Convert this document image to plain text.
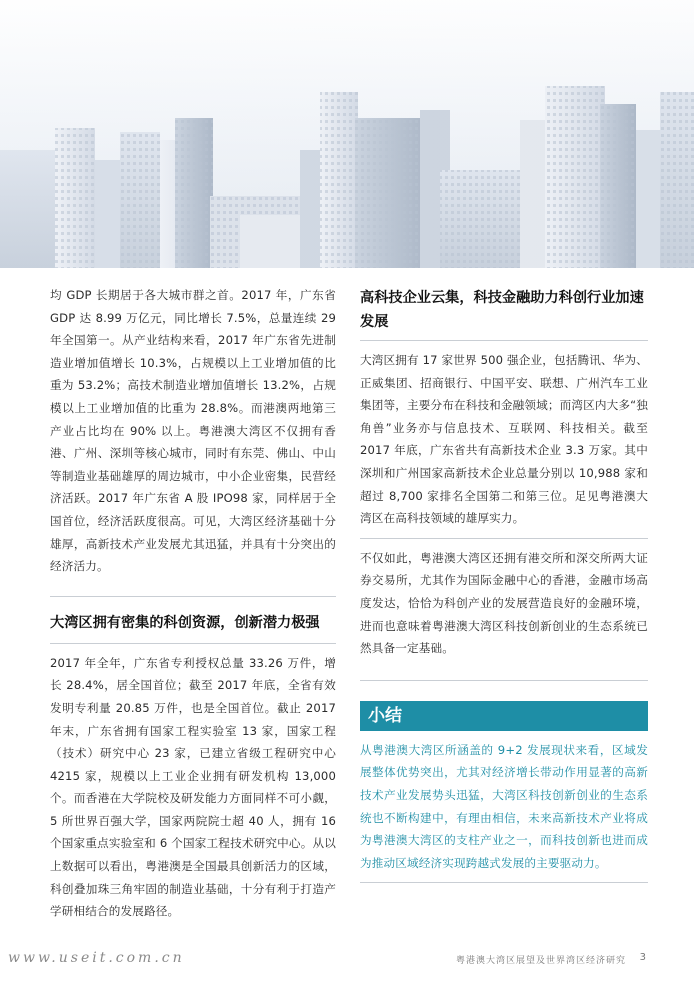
均 GDP 长期居于各大城市群之首。2017 年，广东省 GDP 达 8.99 万亿元，同比增长 7.5%，总量连续 29 年全国第一。从产业结构来看，2017 年广东省先进制造业增加值增长 10.3%，占规模以上工业增加值的比重为 53.2%；高技术制造业增加值增长 13.2%，占规模以上工业增加值的比重为 28.8%。而港澳两地第三产业占比均在 90% 以上。粤港澳大湾区不仅拥有香港、广州、深圳等核心城市，同时有东莞、佛山、中山等制造业基础雄厚的周边城市，中小企业密集，民营经济活跃。2017 年广东省 A 股 IPO98 家，同样居于全国首位，经济活跃度很高。可见，大湾区经济基础十分雄厚，高新技术产业发展尤其迅猛，并具有十分突出的经济活力。

大湾区拥有密集的科创资源，创新潜力极强

2017 年全年，广东省专利授权总量 33.26 万件，增长 28.4%，居全国首位；截至 2017 年底，全省有效发明专利量 20.85 万件，也是全国首位。截止 2017 年末，广东省拥有国家工程实验室 13 家，国家工程（技术）研究中心 23 家，已建立省级工程研究中心 4215 家，规模以上工业企业拥有研发机构 13,000 个。而香港在大学院校及研发能力方面同样不可小觑，5 所世界百强大学，国家两院院士超 40 人，拥有 16 个国家重点实验室和 6 个国家工程技术研究中心。从以上数据可以看出，粤港澳是全国最具创新活力的区域，科创叠加珠三角牢固的制造业基础，十分有利于打造产学研相结合的发展路径。

高科技企业云集，科技金融助力科创行业加速发展

大湾区拥有 17 家世界 500 强企业，包括腾讯、华为、正威集团、招商银行、中国平安、联想、广州汽车工业集团等，主要分布在科技和金融领域；而湾区内大多“独角兽”业务亦与信息技术、互联网、科技相关。截至 2017 年底，广东省共有高新技术企业 3.3 万家。其中深圳和广州国家高新技术企业总量分别以 10,988 家和超过 8,700 家排名全国第二和第三位。足见粤港澳大湾区在高科技领域的雄厚实力。

不仅如此，粤港澳大湾区还拥有港交所和深交所两大证券交易所，尤其作为国际金融中心的香港，金融市场高度发达，恰恰为科创产业的发展营造良好的金融环境，进而也意味着粤港澳大湾区科技创新创业的生态系统已然具备一定基础。

小结

从粤港澳大湾区所涵盖的 9+2 发展现状来看，区域发展整体优势突出，尤其对经济增长带动作用显著的高新技术产业发展势头迅猛，大湾区科技创新创业的生态系统也不断构建中，有理由相信，未来高新技术产业将成为粤港澳大湾区的支柱产业之一，而科技创新也进而成为推动区域经济实现跨越式发展的主要驱动力。

www.useit.com.cn	粤港澳大湾区展望及世界湾区经济研究 3
